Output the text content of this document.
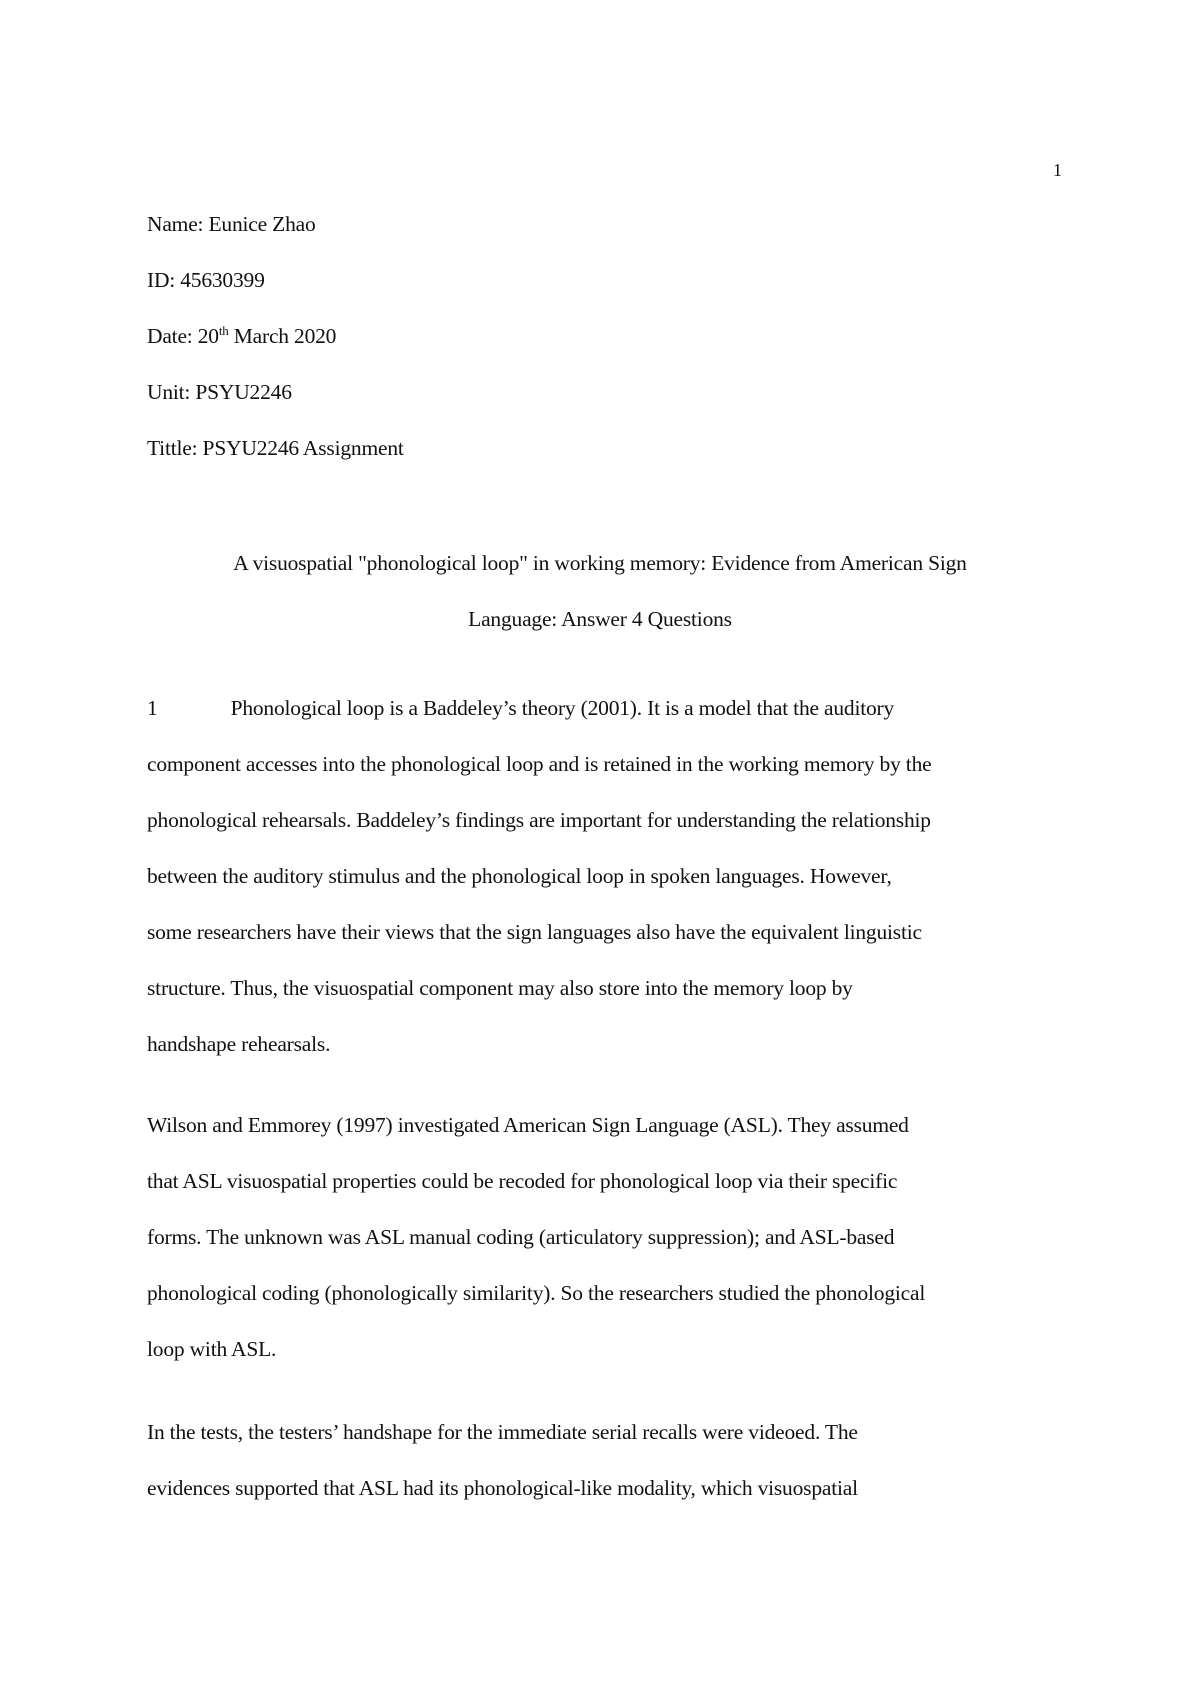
1
Name: Eunice Zhao
ID: 45630399
Date: 20th March 2020
Unit: PSYU2246
Tittle: PSYU2246 Assignment
A visuospatial "phonological loop" in working memory: Evidence from American Sign
Language: Answer 4 Questions
1	Phonological loop is a Baddeley’s theory (2001). It is a model that the auditory
component accesses into the phonological loop and is retained in the working memory by the
phonological rehearsals. Baddeley’s findings are important for understanding the relationship
between the auditory stimulus and the phonological loop in spoken languages. However,
some researchers have their views that the sign languages also have the equivalent linguistic
structure. Thus, the visuospatial component may also store into the memory loop by
handshape rehearsals.
Wilson and Emmorey (1997) investigated American Sign Language (ASL). They assumed
that ASL visuospatial properties could be recoded for phonological loop via their specific
forms. The unknown was ASL manual coding (articulatory suppression); and ASL-based
phonological coding (phonologically similarity). So the researchers studied the phonological
loop with ASL.
In the tests, the testers’ handshape for the immediate serial recalls were videoed. The
evidences supported that ASL had its phonological-like modality, which visuospatial
